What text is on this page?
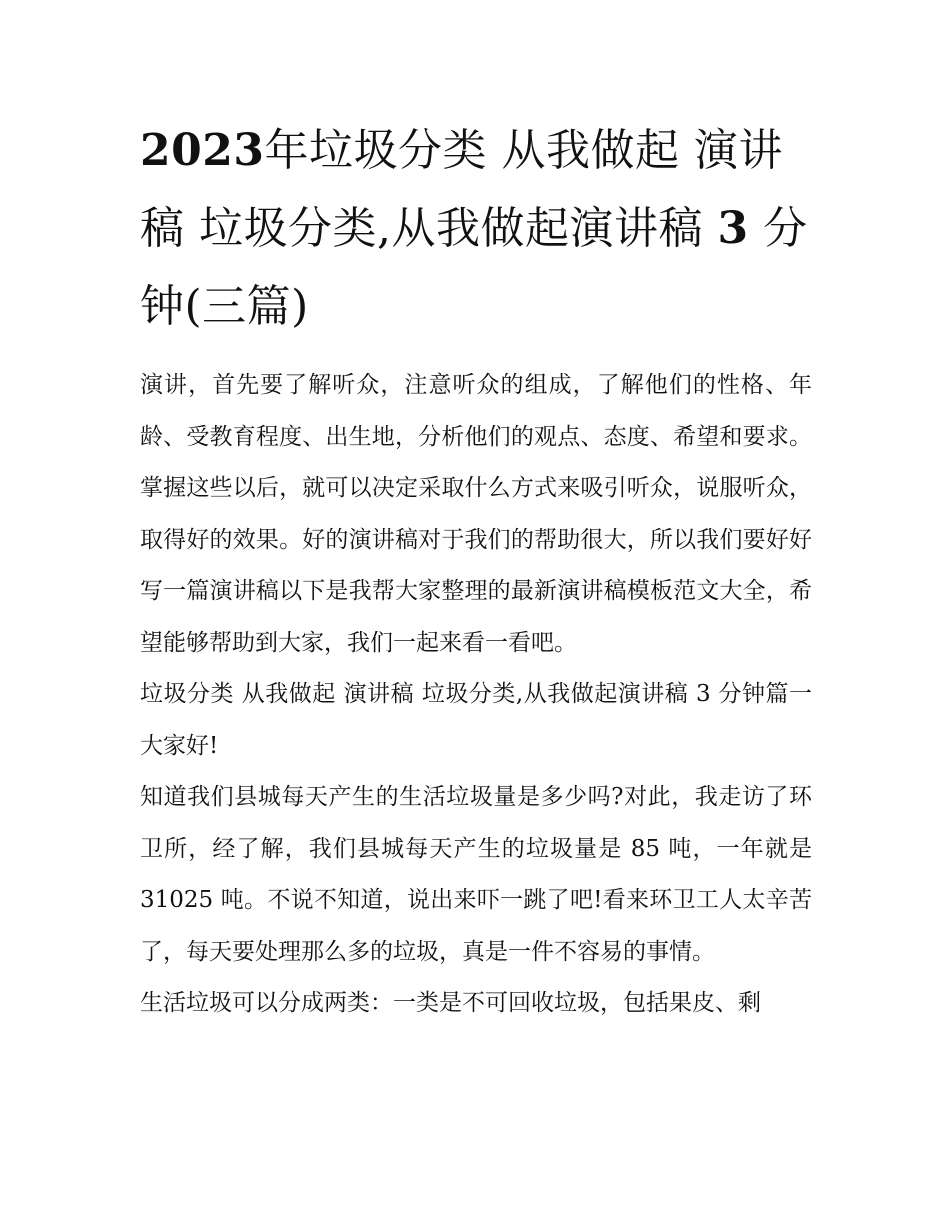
2023年垃圾分类 从我做起 演讲稿 垃圾分类,从我做起演讲稿 3 分钟(三篇)

演讲，首先要了解听众，注意听众的组成，了解他们的性格、年龄、受教育程度、出生地，分析他们的观点、态度、希望和要求。掌握这些以后，就可以决定采取什么方式来吸引听众，说服听众，取得好的效果。好的演讲稿对于我们的帮助很大，所以我们要好好写一篇演讲稿以下是我帮大家整理的最新演讲稿模板范文大全，希望能够帮助到大家，我们一起来看一看吧。

垃圾分类 从我做起 演讲稿 垃圾分类,从我做起演讲稿 3 分钟篇一 大家好!

知道我们县城每天产生的生活垃圾量是多少吗?对此，我走访了环卫所，经了解，我们县城每天产生的垃圾量是 85 吨，一年就是 31025 吨。不说不知道，说出来吓一跳了吧!看来环卫工人太辛苦了，每天要处理那么多的垃圾，真是一件不容易的事情。

生活垃圾可以分成两类：一类是不可回收垃圾，包括果皮、剩
